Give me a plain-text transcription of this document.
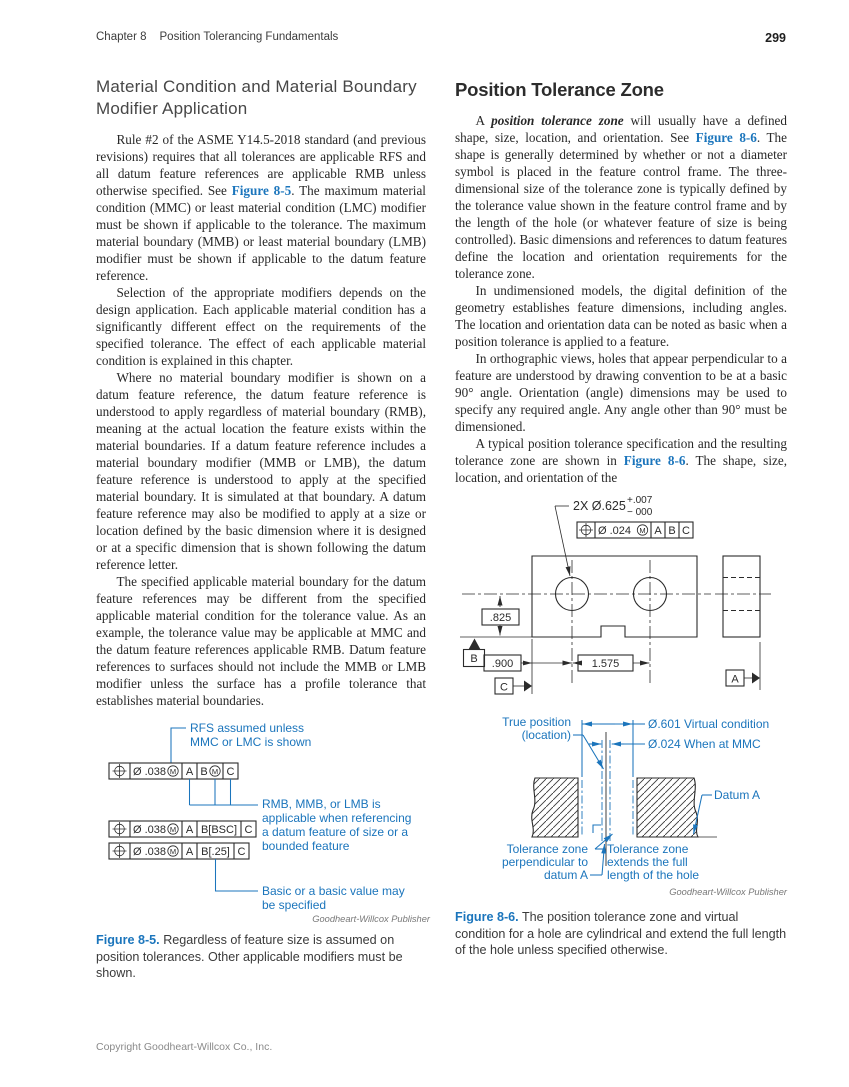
Chapter 8 Position Tolerancing Fundamentals	299
Material Condition and Material Boundary Modifier Application

Rule #2 of the ASME Y14.5-2018 standard (and previous revisions) requires that all tolerances are applicable RFS and all datum feature references are applicable RMB unless otherwise specified. See Figure 8-5. The maximum material condition (MMC) or least material condition (LMC) modifier must be shown if applicable to the tolerance. The maximum material boundary (MMB) or least material boundary (LMB) modifier must be shown if applicable to the datum feature reference.

Selection of the appropriate modifiers depends on the design application. Each applicable material condition has a significantly different effect on the requirements of the specified tolerance. The effect of each applicable material condition is explained in this chapter.

Where no material boundary modifier is shown on a datum feature reference, the datum feature reference is understood to apply regardless of material boundary (RMB), meaning at the actual location the feature exists within the material boundaries. If a datum feature reference includes a material boundary modifier (MMB or LMB), the datum feature reference is understood to apply at the specified material boundary. It is simulated at that boundary. A datum feature reference may also be modified to apply at a size or location defined by the basic dimension where it is designed or at a specific dimension that is shown following the datum reference letter.

The specified applicable material boundary for the datum feature references may be different from the specified applicable material condition for the tolerance value. As an example, the tolerance value may be applicable at MMC and the datum feature references applicable RMB. Datum feature references to surfaces should not include the MMB or LMB modifier unless the surface has a profile tolerance that establishes material boundaries.

RFS assumed unless
MMC or LMC is shown
Ø .038 M A B M C
RMB, MMB, or LMB is
applicable when referencing
a datum feature of size or a
bounded feature
Ø .038 M A B[BSC] C
Ø .038 M A B[.25] C
Basic or a basic value may
be specified
Goodheart-Willcox Publisher
Figure 8-5. Regardless of feature size is assumed on position tolerances. Other applicable modifiers must be shown.
Position Tolerance Zone

A position tolerance zone will usually have a defined shape, size, location, and orientation. See Figure 8-6. The shape is generally determined by whether or not a diameter symbol is placed in the feature control frame. The three-dimensional size of the tolerance zone is typically defined by the tolerance value shown in the feature control frame and by the length of the hole (or whatever feature of size is being controlled). Basic dimensions and references to datum features define the location and orientation requirements for the tolerance zone.

In undimensioned models, the digital definition of the geometry establishes feature dimensions, including angles. The location and orientation data can be noted as basic when a position tolerance is applied to a feature.

In orthographic views, holes that appear perpendicular to a feature are understood by drawing convention to be at a basic 90° angle. Orientation (angle) dimensions may be used to specify any required angle. Any angle other than 90° must be dimensioned.

A typical position tolerance specification and the resulting tolerance zone are shown in Figure 8-6. The shape, size, location, and orientation of the

2X Ø.625 +.007
− 000
Ø .024 M A B C
.825
B .900	1.575
C
A
Ø.601 Virtual condition
Ø.024 When at MMC
True position
(location)
Datum A
Tolerance zone
perpendicular to
datum A
Tolerance zone
extends the full
length of the hole
Goodheart-Willcox Publisher
Figure 8-6. The position tolerance zone and virtual condition for a hole are cylindrical and extend the full length of the hole unless specified otherwise.
Copyright Goodheart-Willcox Co., Inc.
